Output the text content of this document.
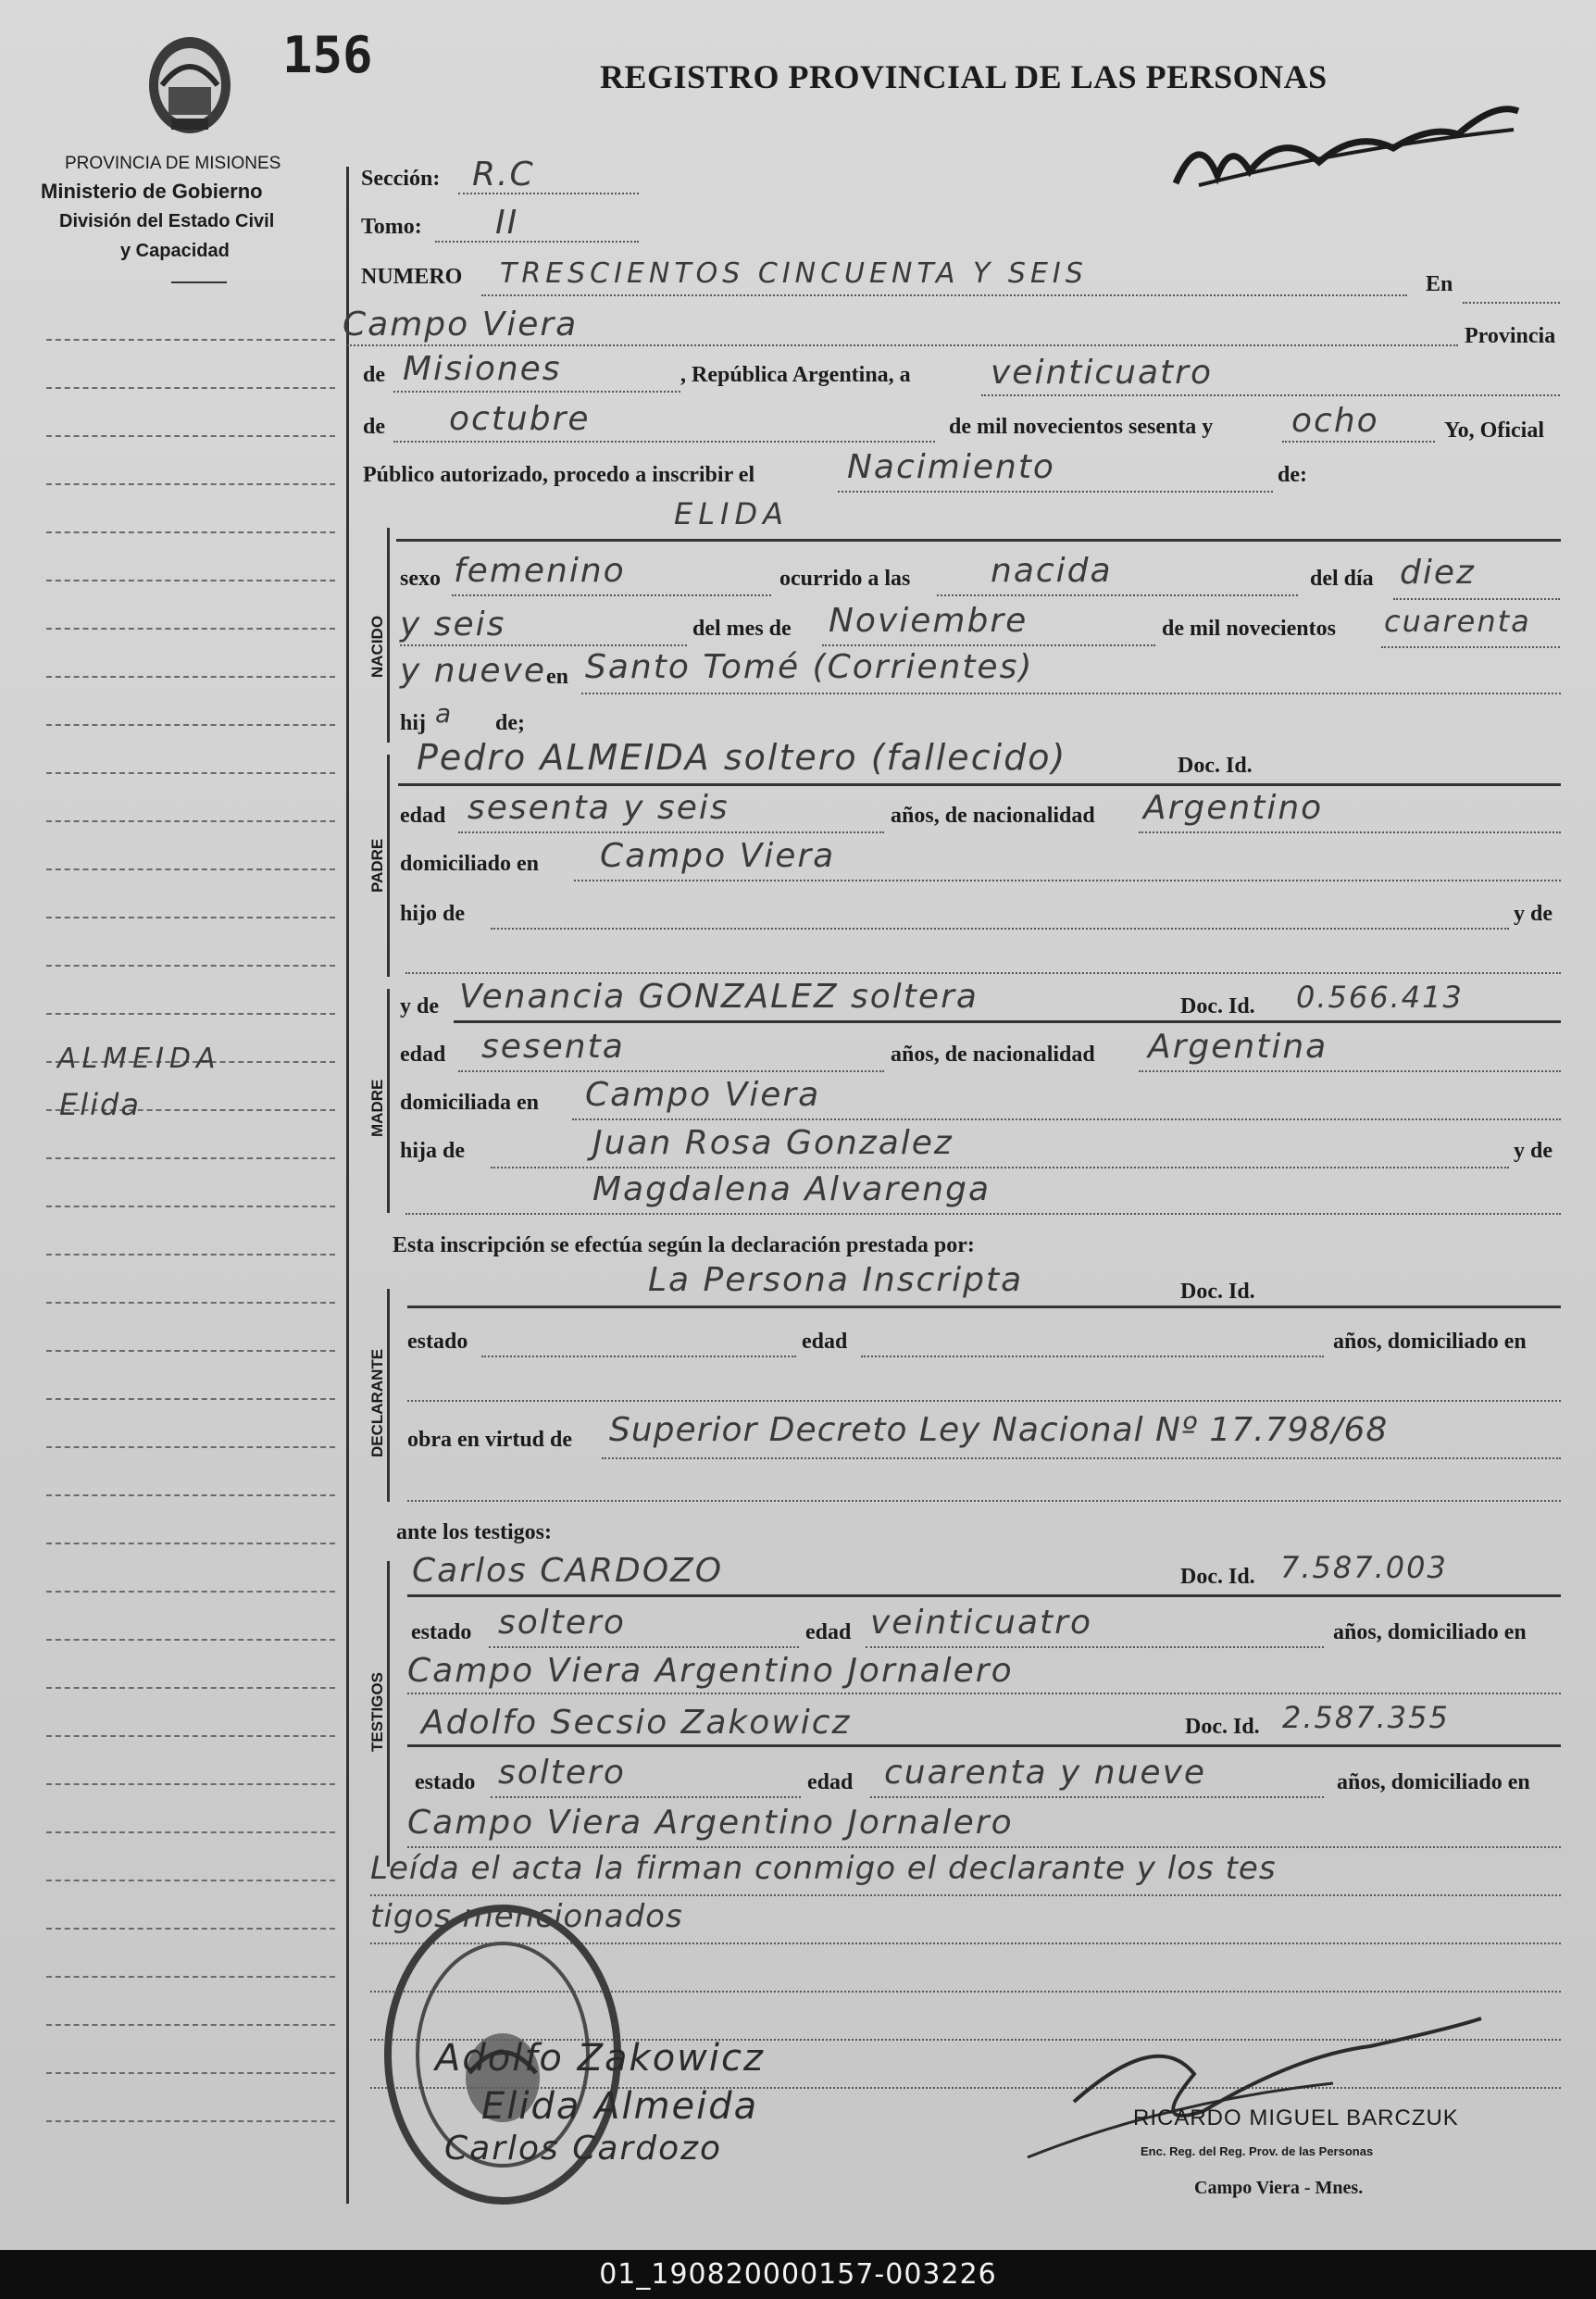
156	REGISTRO PROVINCIAL DE LAS PERSONAS
PROVINCIA DE MISIONES
Ministerio de Gobierno
División del Estado Civil
y Capacidad
ALMEIDA
Elida
Sección: R.C
Tomo: II
NUMERO TRESCIENTOS CINCUENTA Y SEIS	En
Campo Viera	Provincia
de Misiones	, República Argentina, a veinticuatro
de octubre	de mil novecientos sesenta y ocho	Yo, Oficial
Público autorizado, procedo a inscribir el	Nacimiento	de:
NACIDO
ELIDA
sexo femenino	ocurrido a las nacida	del día diez
y seis	del mes de Noviembre	de mil novecientos cuarenta
y nueve en Santo Tomé (Corrientes)
hij a de;
PADRE
Pedro ALMEIDA soltero (fallecido)	Doc. Id.
edad sesenta y seis	años, de nacionalidad Argentino
domiciliado en Campo Viera
hijo de	y de
MADRE
y de Venancia GONZALEZ soltera	Doc. Id. 0.566.413
edad sesenta	años, de nacionalidad Argentina
domiciliada en Campo Viera
hija de	Juan Rosa Gonzalez	y de
Magdalena Alvarenga
Esta inscripción se efectúa según la declaración prestada por:
DECLARANTE
La Persona Inscripta	Doc. Id.
estado	edad	años, domiciliado en
obra en virtud de Superior Decreto Ley Nacional Nº 17.798/68
ante los testigos:
TESTIGOS
Carlos CARDOZO	Doc. Id. 7.587.003
estado soltero	edad veinticuatro	años, domiciliado en
Campo Viera Argentino Jornalero
Adolfo Secsio Zakowicz	Doc. Id. 2.587.355
estado soltero	edad cuarenta y nueve	años, domiciliado en
Campo Viera Argentino Jornalero
Leída el acta la firman conmigo el declarante y los tes
tigos mencionados
Adolfo Zakowicz
Elida Almeida
Carlos Cardozo
RICARDO MIGUEL BARCZUK
Enc. Reg. del Reg. Prov. de las Personas
Campo Viera - Mnes.
01_190820000157-003226
